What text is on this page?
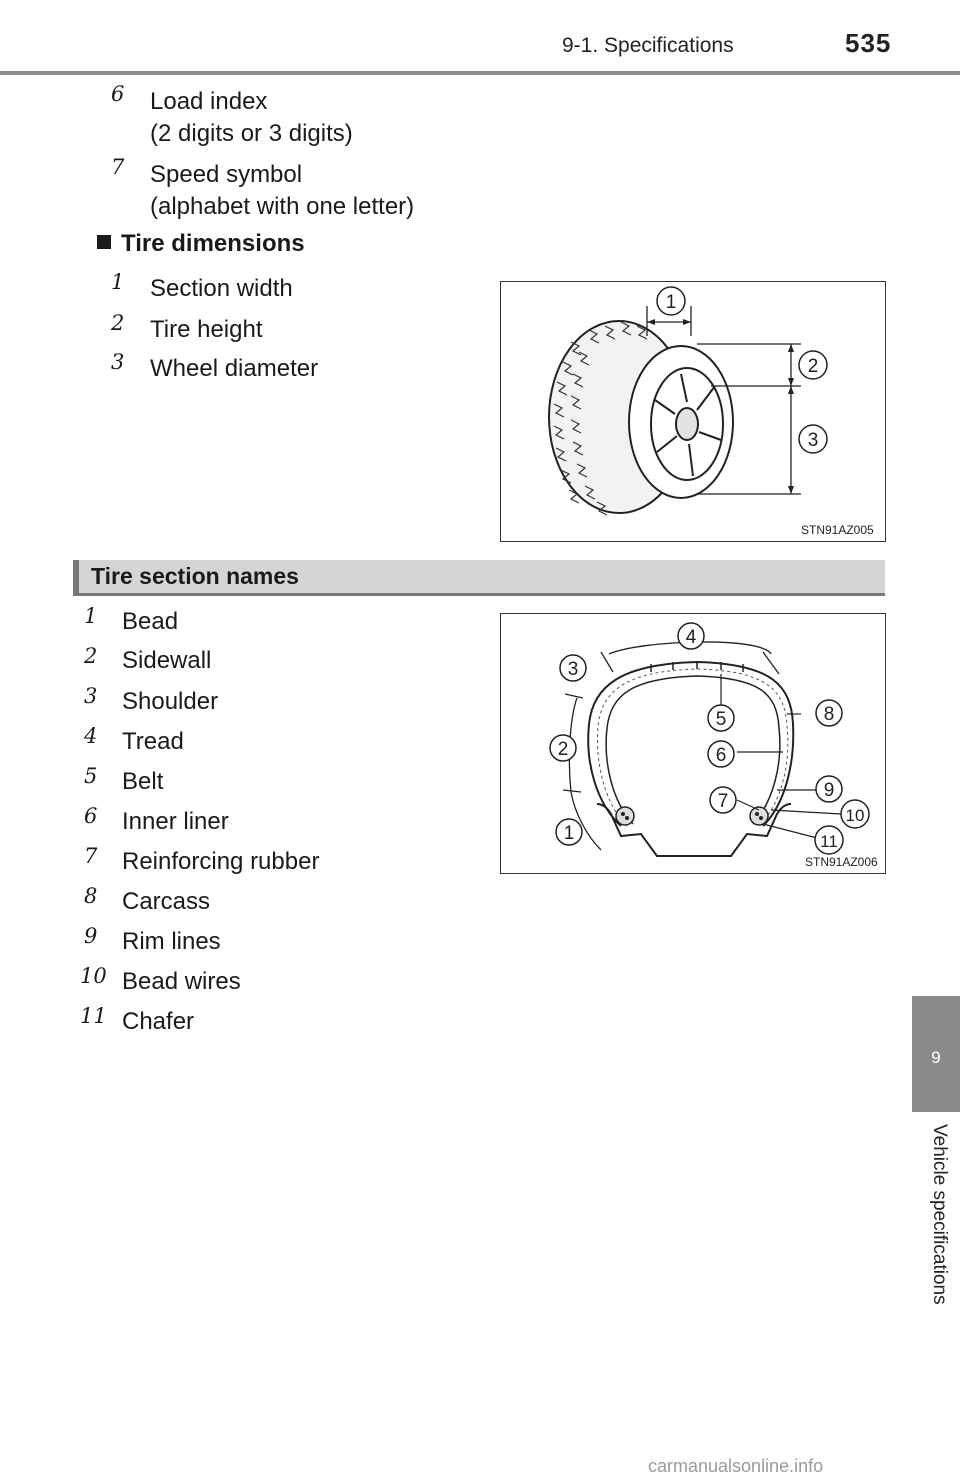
9-1. Specifications	535
9
Vehicle specifications
6 Load index
(2 digits or 3 digits)
7 Speed symbol
(alphabet with one letter)
Tire dimensions
1 Section width
2 Tire height
3 Wheel diameter
1
2
3
STN91AZ005
Tire section names
1 Bead
2 Sidewall
3 Shoulder
4 Tread
5 Belt
6 Inner liner
7 Reinforcing rubber
8 Carcass
9 Rim lines
10 Bead wires
11 Chafer
1
2
3
4
5
6
7
8
9
10
11
STN91AZ006
carmanualsonline.info
